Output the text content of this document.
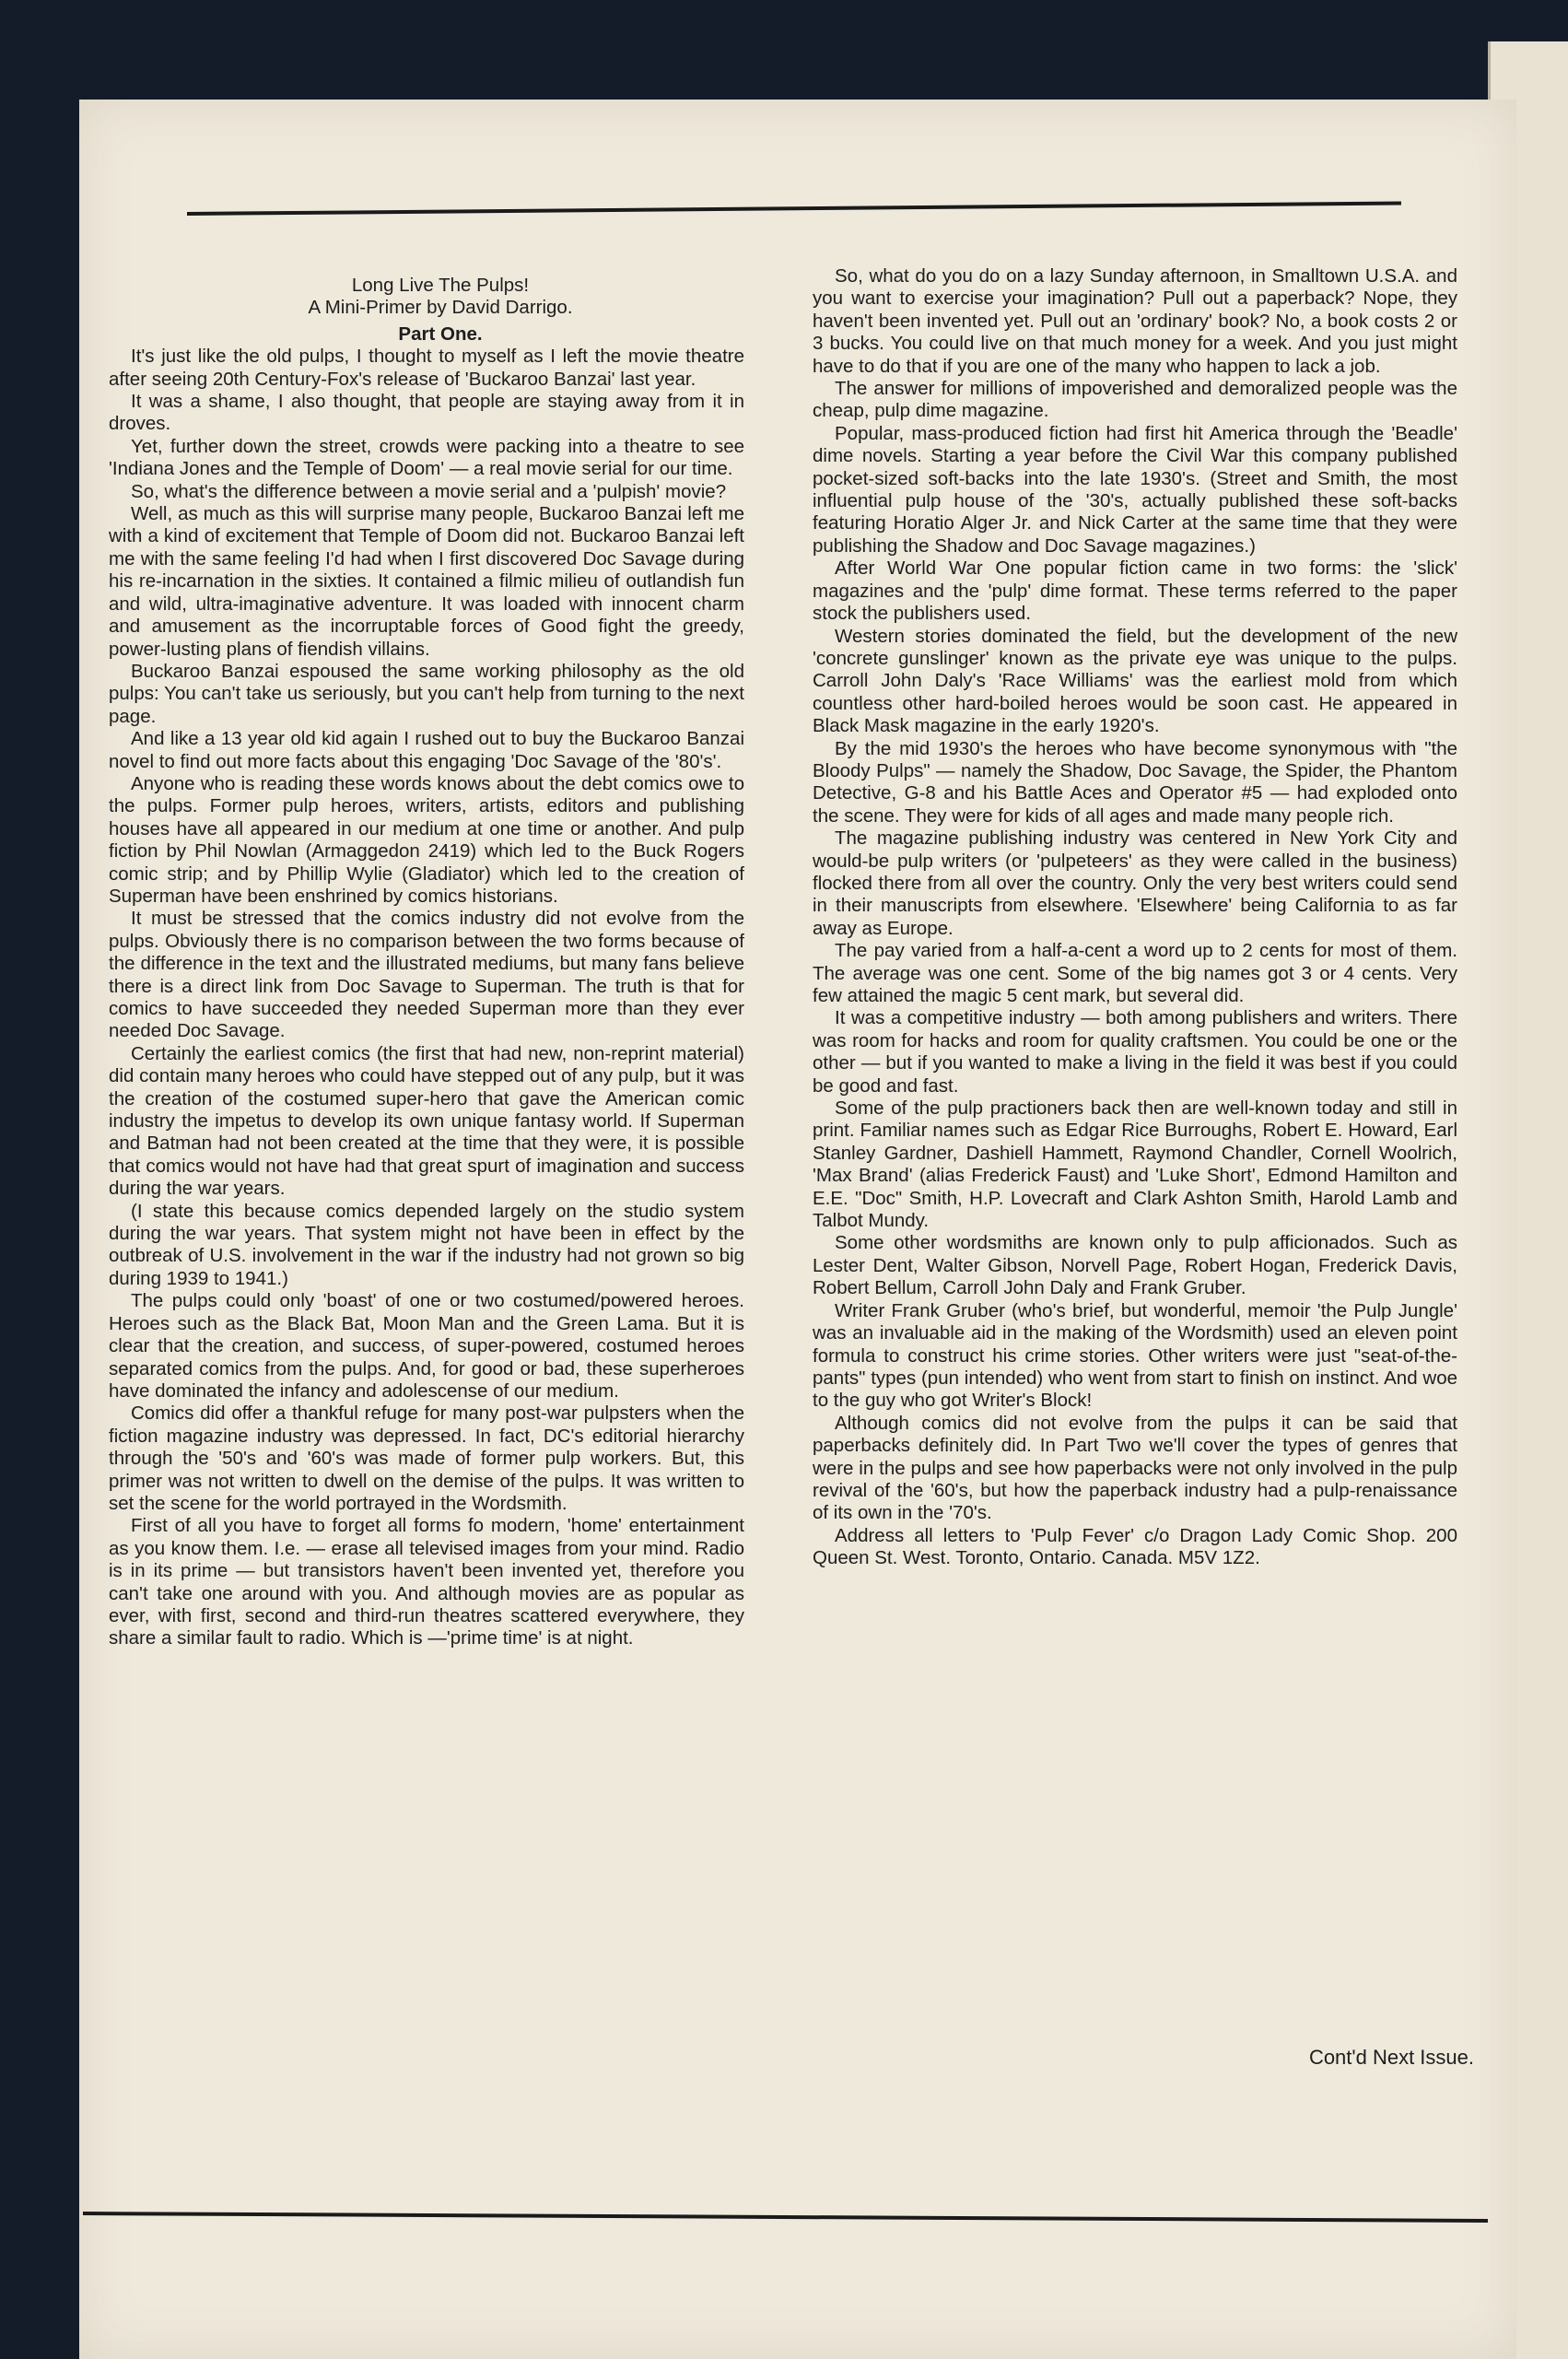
Long Live The Pulps!
A Mini-Primer by David Darrigo.
Part One.

It's just like the old pulps, I thought to myself as I left the movie theatre after seeing 20th Century-Fox's release of 'Buckaroo Banzai' last year.

It was a shame, I also thought, that people are staying away from it in droves.

Yet, further down the street, crowds were packing into a theatre to see 'Indiana Jones and the Temple of Doom' — a real movie serial for our time.

So, what's the difference between a movie serial and a 'pulpish' movie?

Well, as much as this will surprise many people, Buckaroo Banzai left me with a kind of excitement that Temple of Doom did not. Buckaroo Banzai left me with the same feeling I'd had when I first discovered Doc Savage during his re-incarnation in the sixties. It contained a filmic milieu of outlandish fun and wild, ultra-imaginative adventure. It was loaded with innocent charm and amusement as the incorruptable forces of Good fight the greedy, power-lusting plans of fiendish villains.

Buckaroo Banzai espoused the same working philosophy as the old pulps: You can't take us seriously, but you can't help from turning to the next page.

And like a 13 year old kid again I rushed out to buy the Buckaroo Banzai novel to find out more facts about this engaging 'Doc Savage of the '80's'.

Anyone who is reading these words knows about the debt comics owe to the pulps. Former pulp heroes, writers, artists, editors and publishing houses have all appeared in our medium at one time or another. And pulp fiction by Phil Nowlan (Armaggedon 2419) which led to the Buck Rogers comic strip; and by Phillip Wylie (Gladiator) which led to the creation of Superman have been enshrined by comics historians.

It must be stressed that the comics industry did not evolve from the pulps. Obviously there is no comparison between the two forms because of the difference in the text and the illustrated mediums, but many fans believe there is a direct link from Doc Savage to Superman. The truth is that for comics to have succeeded they needed Superman more than they ever needed Doc Savage.

Certainly the earliest comics (the first that had new, non-reprint material) did contain many heroes who could have stepped out of any pulp, but it was the creation of the costumed super-hero that gave the American comic industry the impetus to develop its own unique fantasy world. If Superman and Batman had not been created at the time that they were, it is possible that comics would not have had that great spurt of imagination and success during the war years.

(I state this because comics depended largely on the studio system during the war years. That system might not have been in effect by the outbreak of U.S. involvement in the war if the industry had not grown so big during 1939 to 1941.)

The pulps could only 'boast' of one or two costumed/powered heroes. Heroes such as the Black Bat, Moon Man and the Green Lama. But it is clear that the creation, and success, of super-powered, costumed heroes separated comics from the pulps. And, for good or bad, these superheroes have dominated the infancy and adolescense of our medium.

Comics did offer a thankful refuge for many post-war pulpsters when the fiction magazine industry was depressed. In fact, DC's editorial hierarchy through the '50's and '60's was made of former pulp workers. But, this primer was not written to dwell on the demise of the pulps. It was written to set the scene for the world portrayed in the Wordsmith.

First of all you have to forget all forms fo modern, 'home' entertainment as you know them. I.e. — erase all televised images from your mind. Radio is in its prime — but transistors haven't been invented yet, therefore you can't take one around with you. And although movies are as popular as ever, with first, second and third-run theatres scattered everywhere, they share a similar fault to radio. Which is —'prime time' is at night.

So, what do you do on a lazy Sunday afternoon, in Smalltown U.S.A. and you want to exercise your imagination? Pull out a paperback? Nope, they haven't been invented yet. Pull out an 'ordinary' book? No, a book costs 2 or 3 bucks. You could live on that much money for a week. And you just might have to do that if you are one of the many who happen to lack a job.

The answer for millions of impoverished and demoralized people was the cheap, pulp dime magazine.

Popular, mass-produced fiction had first hit America through the 'Beadle' dime novels. Starting a year before the Civil War this company published pocket-sized soft-backs into the late 1930's. (Street and Smith, the most influential pulp house of the '30's, actually published these soft-backs featuring Horatio Alger Jr. and Nick Carter at the same time that they were publishing the Shadow and Doc Savage magazines.)

After World War One popular fiction came in two forms: the 'slick' magazines and the 'pulp' dime format. These terms referred to the paper stock the publishers used.

Western stories dominated the field, but the development of the new 'concrete gunslinger' known as the private eye was unique to the pulps. Carroll John Daly's 'Race Williams' was the earliest mold from which countless other hard-boiled heroes would be soon cast. He appeared in Black Mask magazine in the early 1920's.

By the mid 1930's the heroes who have become synonymous with "the Bloody Pulps" — namely the Shadow, Doc Savage, the Spider, the Phantom Detective, G-8 and his Battle Aces and Operator #5 — had exploded onto the scene. They were for kids of all ages and made many people rich.

The magazine publishing industry was centered in New York City and would-be pulp writers (or 'pulpeteers' as they were called in the business) flocked there from all over the country. Only the very best writers could send in their manuscripts from elsewhere. 'Elsewhere' being California to as far away as Europe.

The pay varied from a half-a-cent a word up to 2 cents for most of them. The average was one cent. Some of the big names got 3 or 4 cents. Very few attained the magic 5 cent mark, but several did.

It was a competitive industry — both among publishers and writers. There was room for hacks and room for quality craftsmen. You could be one or the other — but if you wanted to make a living in the field it was best if you could be good and fast.

Some of the pulp practioners back then are well-known today and still in print. Familiar names such as Edgar Rice Burroughs, Robert E. Howard, Earl Stanley Gardner, Dashiell Hammett, Raymond Chandler, Cornell Woolrich, 'Max Brand' (alias Frederick Faust) and 'Luke Short', Edmond Hamilton and E.E. "Doc" Smith, H.P. Lovecraft and Clark Ashton Smith, Harold Lamb and Talbot Mundy.

Some other wordsmiths are known only to pulp afficionados. Such as Lester Dent, Walter Gibson, Norvell Page, Robert Hogan, Frederick Davis, Robert Bellum, Carroll John Daly and Frank Gruber.

Writer Frank Gruber (who's brief, but wonderful, memoir 'the Pulp Jungle' was an invaluable aid in the making of the Wordsmith) used an eleven point formula to construct his crime stories. Other writers were just "seat-of-the-pants" types (pun intended) who went from start to finish on instinct. And woe to the guy who got Writer's Block!

Although comics did not evolve from the pulps it can be said that paperbacks definitely did. In Part Two we'll cover the types of genres that were in the pulps and see how paperbacks were not only involved in the pulp revival of the '60's, but how the paperback industry had a pulp-renaissance of its own in the '70's.

Address all letters to 'Pulp Fever' c/o Dragon Lady Comic Shop. 200 Queen St. West. Toronto, Ontario. Canada. M5V 1Z2.

Cont'd Next Issue.
